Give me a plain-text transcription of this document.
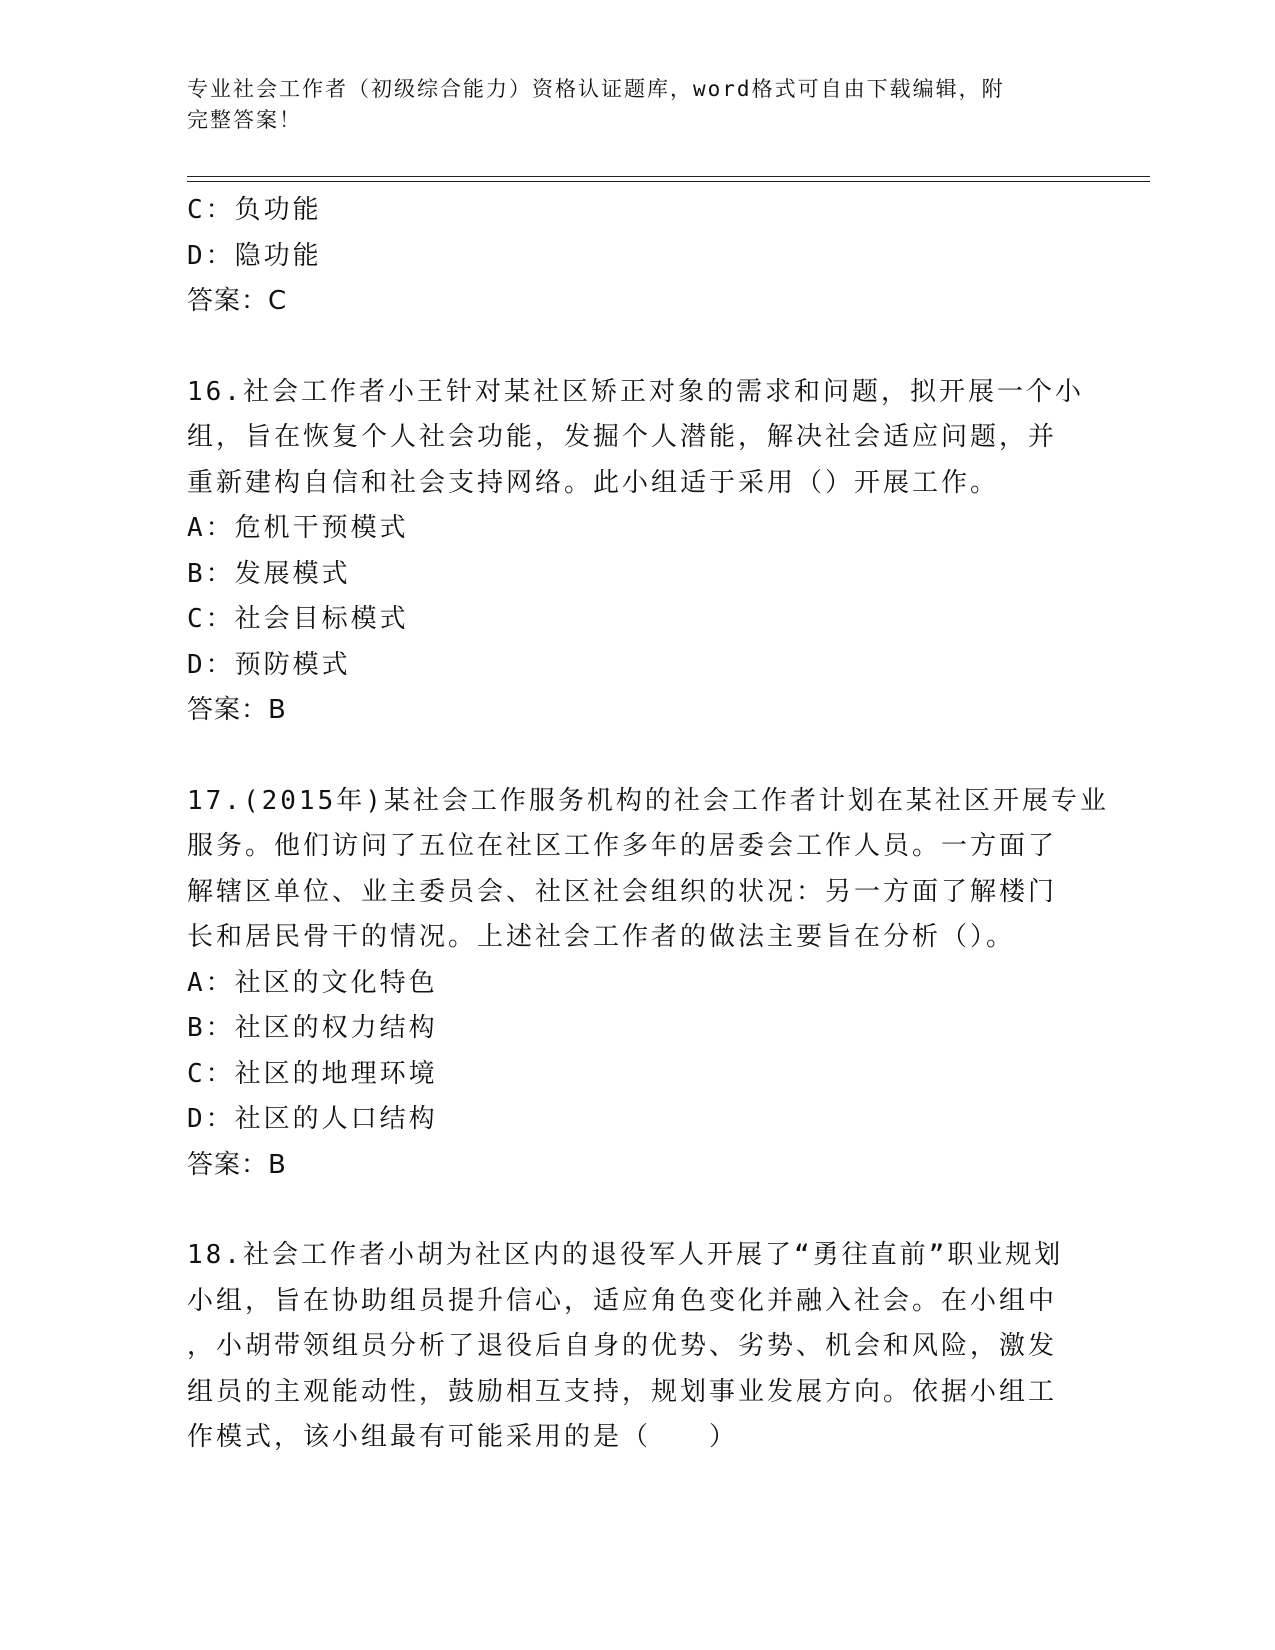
专业社会工作者（初级综合能力）资格认证题库，word格式可自由下载编辑，附
完整答案！
C：负功能
D：隐功能
答案：C
16.社会工作者小王针对某社区矫正对象的需求和问题，拟开展一个小
组，旨在恢复个人社会功能，发掘个人潜能，解决社会适应问题，并
重新建构自信和社会支持网络。此小组适于采用（）开展工作。
A：危机干预模式
B：发展模式
C：社会目标模式
D：预防模式
答案：B
17.(2015年)某社会工作服务机构的社会工作者计划在某社区开展专业
服务。他们访问了五位在社区工作多年的居委会工作人员。一方面了
解辖区单位、业主委员会、社区社会组织的状况：另一方面了解楼门
长和居民骨干的情况。上述社会工作者的做法主要旨在分析（）。
A：社区的文化特色
B：社区的权力结构
C：社区的地理环境
D：社区的人口结构
答案：B
18.社会工作者小胡为社区内的退役军人开展了“勇往直前”职业规划
小组，旨在协助组员提升信心，适应角色变化并融入社会。在小组中
，小胡带领组员分析了退役后自身的优势、劣势、机会和风险，激发
组员的主观能动性，鼓励相互支持，规划事业发展方向。依据小组工
作模式，该小组最有可能采用的是（　　）
